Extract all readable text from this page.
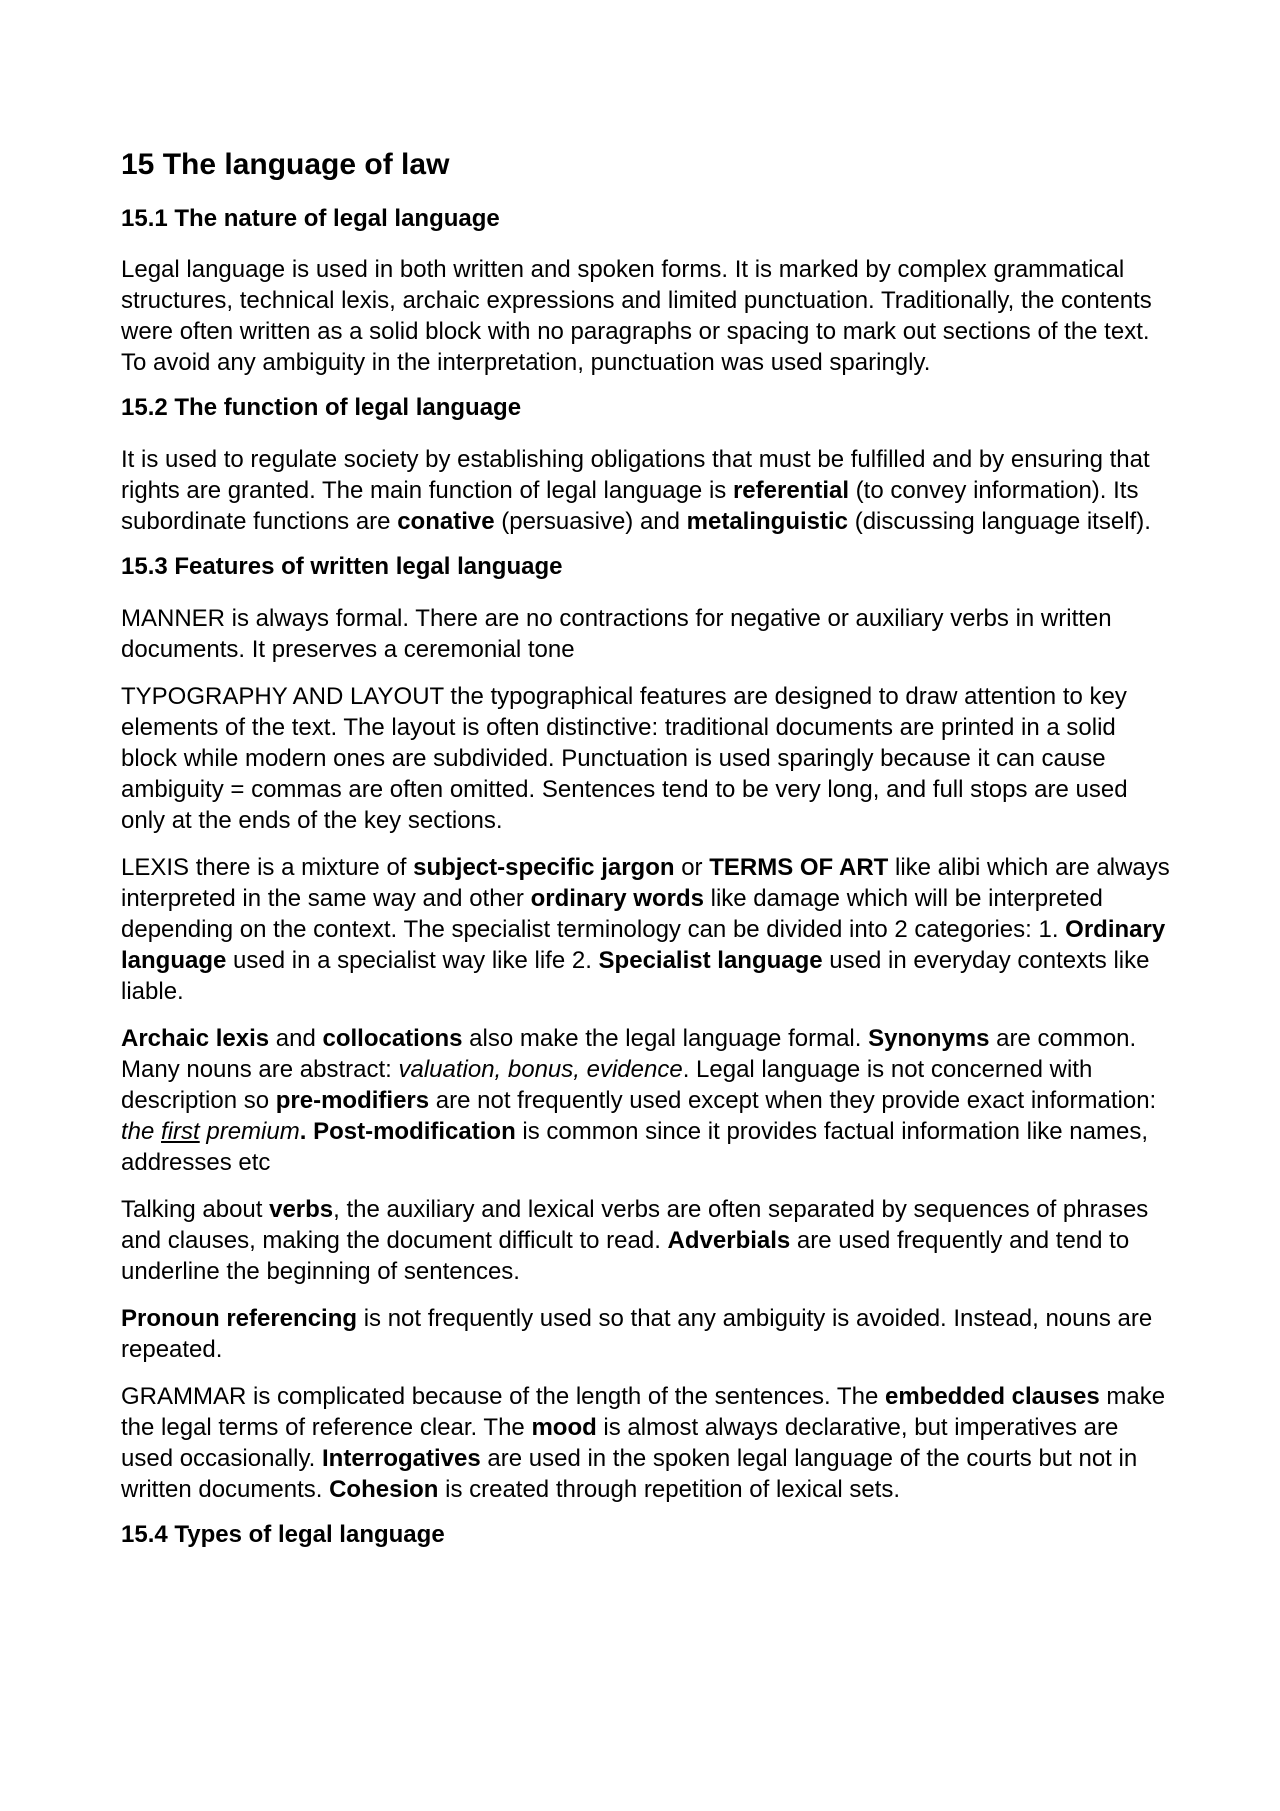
15 The language of law
15.1 The nature of legal language

Legal language is used in both written and spoken forms. It is marked by complex grammatical structures, technical lexis, archaic expressions and limited punctuation. Traditionally, the contents were often written as a solid block with no paragraphs or spacing to mark out sections of the text. To avoid any ambiguity in the interpretation, punctuation was used sparingly.

15.2 The function of legal language

It is used to regulate society by establishing obligations that must be fulfilled and by ensuring that rights are granted. The main function of legal language is referential (to convey information). Its subordinate functions are conative (persuasive) and metalinguistic (discussing language itself).

15.3 Features of written legal language

MANNER is always formal. There are no contractions for negative or auxiliary verbs in written documents. It preserves a ceremonial tone

TYPOGRAPHY AND LAYOUT the typographical features are designed to draw attention to key elements of the text. The layout is often distinctive: traditional documents are printed in a solid block while modern ones are subdivided. Punctuation is used sparingly because it can cause ambiguity = commas are often omitted. Sentences tend to be very long, and full stops are used only at the ends of the key sections.

LEXIS there is a mixture of subject-specific jargon or TERMS OF ART like alibi which are always interpreted in the same way and other ordinary words like damage which will be interpreted depending on the context. The specialist terminology can be divided into 2 categories: 1. Ordinary language used in a specialist way like life 2. Specialist language used in everyday contexts like liable.

Archaic lexis and collocations also make the legal language formal. Synonyms are common. Many nouns are abstract: valuation, bonus, evidence. Legal language is not concerned with description so pre-modifiers are not frequently used except when they provide exact information: the first premium. Post-modification is common since it provides factual information like names, addresses etc

Talking about verbs, the auxiliary and lexical verbs are often separated by sequences of phrases and clauses, making the document difficult to read. Adverbials are used frequently and tend to underline the beginning of sentences.

Pronoun referencing is not frequently used so that any ambiguity is avoided. Instead, nouns are repeated.

GRAMMAR is complicated because of the length of the sentences. The embedded clauses make the legal terms of reference clear. The mood is almost always declarative, but imperatives are used occasionally. Interrogatives are used in the spoken legal language of the courts but not in written documents. Cohesion is created through repetition of lexical sets.

15.4 Types of legal language
